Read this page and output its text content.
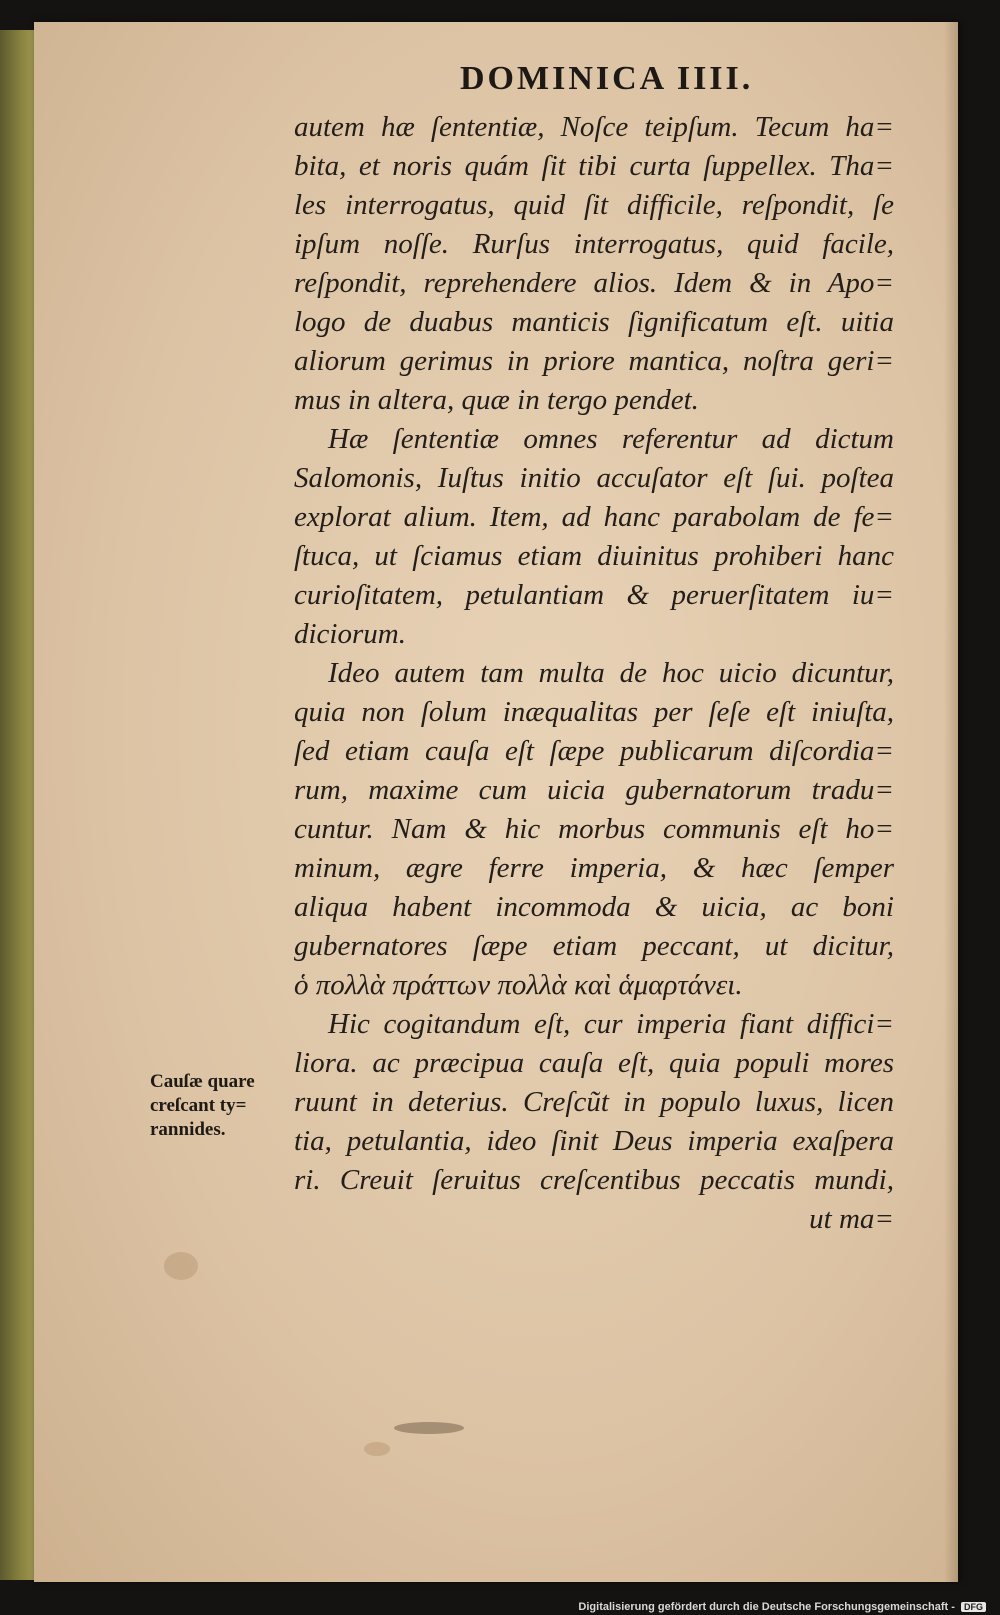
DOMINICA IIII.
autem hæ ſententiæ, Noſce teipſum. Tecum ha=
bita, et noris quám ſit tibi curta ſuppellex. Tha=
les interrogatus, quid ſit difficile, reſpondit, ſe
ipſum noſſe. Rurſus interrogatus, quid facile,
reſpondit, reprehendere alios. Idem & in Apo=
logo de duabus manticis ſignificatum eſt. uitia
aliorum gerimus in priore mantica, noſtra geri=
mus in altera, quæ in tergo pendet.
Hæ ſententiæ omnes referentur ad dictum
Salomonis, Iuſtus initio accuſator eſt ſui. poſtea
explorat alium. Item, ad hanc parabolam de fe=
ſtuca, ut ſciamus etiam diuinitus prohiberi hanc
curioſitatem, petulantiam & peruerſitatem iu=
diciorum.
Ideo autem tam multa de hoc uicio dicuntur,
quia non ſolum inæqualitas per ſeſe eſt iniuſta,
ſed etiam cauſa eſt ſæpe publicarum diſcordia=
rum, maxime cum uicia gubernatorum tradu=
cuntur. Nam & hic morbus communis eſt ho=
minum, ægre ferre imperia, & hæc ſemper
aliqua habent incommoda & uicia, ac boni
gubernatores ſæpe etiam peccant, ut dicitur,
ὁ πολλὰ πράττων πολλὰ καὶ ἁμαρτάνει.
Hic cogitandum eſt, cur imperia fiant diffici=
liora. ac præcipua cauſa eſt, quia populi mores
ruunt in deterius. Creſcũt in populo luxus, licen
tia, petulantia, ideo ſinit Deus imperia exaſpera
ri. Creuit ſeruitus creſcentibus peccatis mundi,
ut ma=
Cauſæ quare
creſcant ty=
rannides.
Digitalisierung gefördert durch die Deutsche Forschungsgemeinschaft - DFG
